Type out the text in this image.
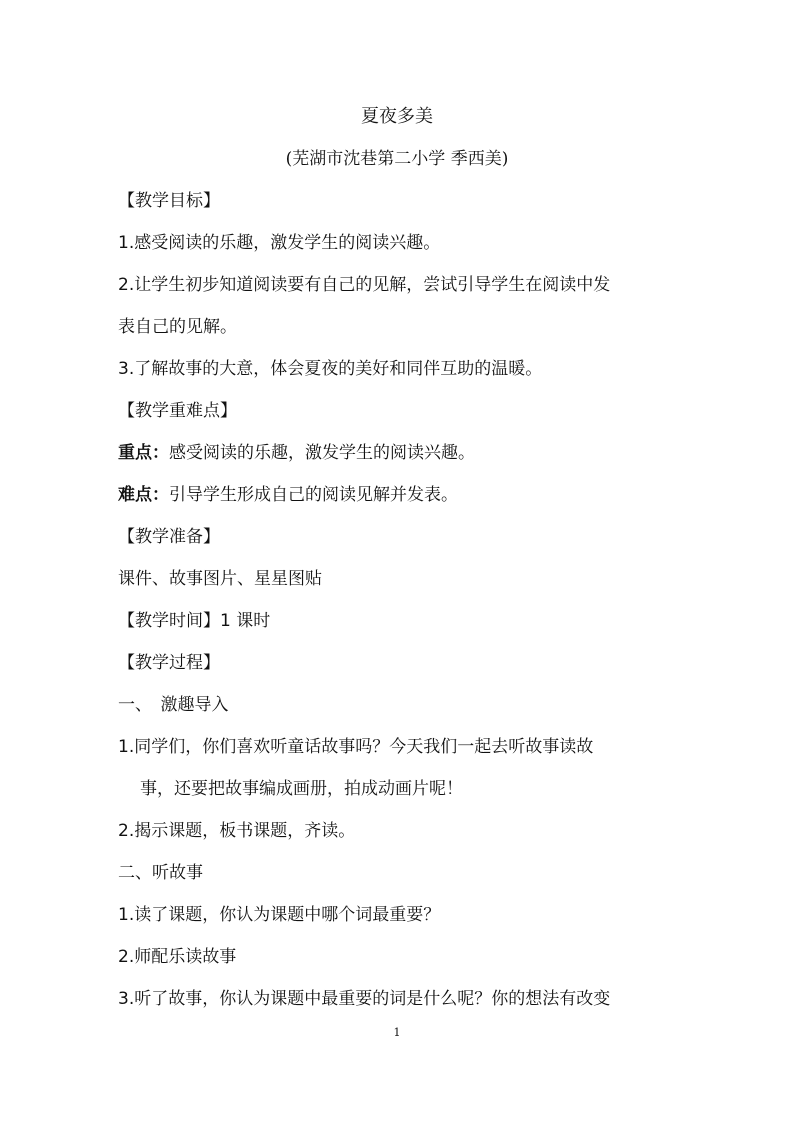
夏夜多美
(芜湖市沈巷第二小学 季西美)
【教学目标】
1.感受阅读的乐趣，激发学生的阅读兴趣。
2.让学生初步知道阅读要有自己的见解，尝试引导学生在阅读中发
表自己的见解。
3.了解故事的大意，体会夏夜的美好和同伴互助的温暖。
【教学重难点】
重点：感受阅读的乐趣，激发学生的阅读兴趣。
难点：引导学生形成自己的阅读见解并发表。
【教学准备】
课件、故事图片、星星图贴
【教学时间】1 课时
【教学过程】
一、　激趣导入
1.同学们，你们喜欢听童话故事吗？今天我们一起去听故事读故
事，还要把故事编成画册，拍成动画片呢！
2.揭示课题，板书课题，齐读。
二、听故事
1.读了课题，你认为课题中哪个词最重要？
2.师配乐读故事
3.听了故事，你认为课题中最重要的词是什么呢？你的想法有改变
1
